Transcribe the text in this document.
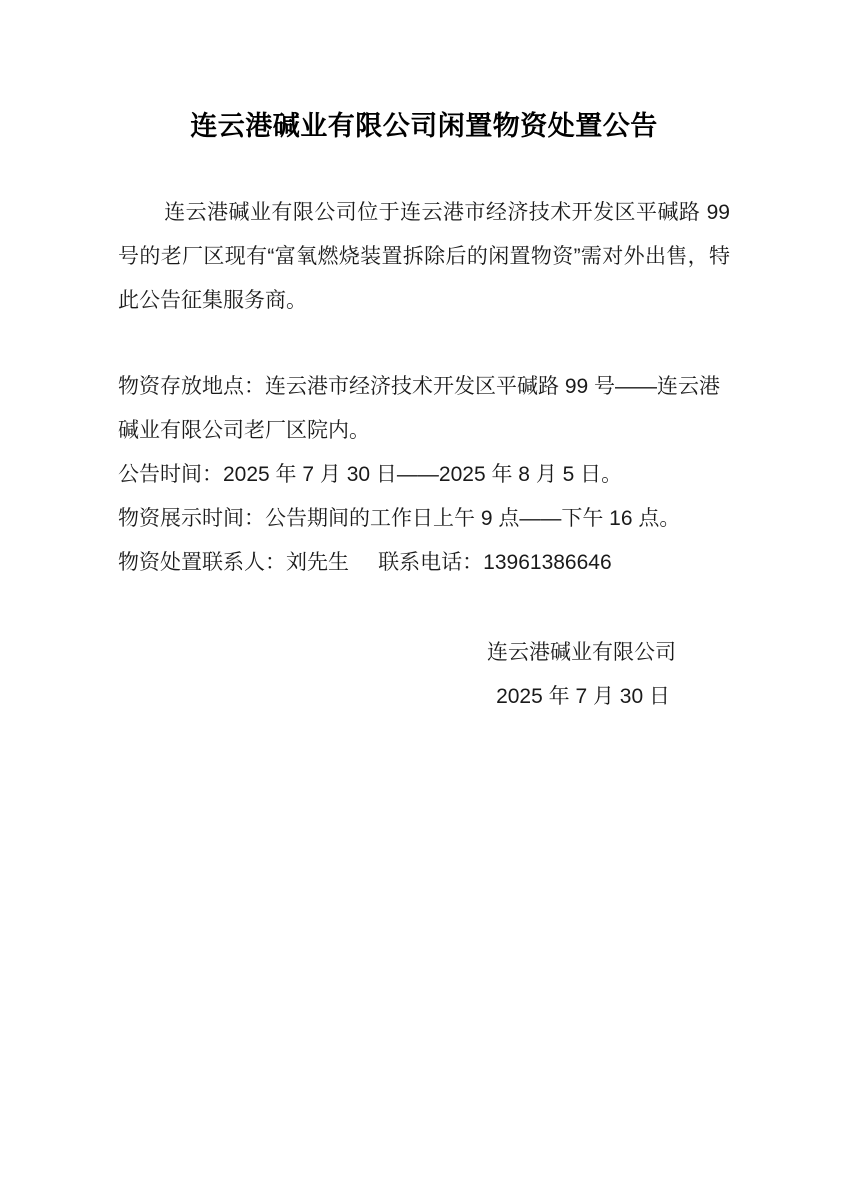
连云港碱业有限公司闲置物资处置公告

连云港碱业有限公司位于连云港市经济技术开发区平碱路 99 号的老厂区现有“富氧燃烧装置拆除后的闲置物资”需对外出售，特此公告征集服务商。

物资存放地点：连云港市经济技术开发区平碱路 99 号——连云港碱业有限公司老厂区院内。

公告时间：2025 年 7 月 30 日——2025 年 8 月 5 日。

物资展示时间：公告期间的工作日上午 9 点——下午 16 点。

物资处置联系人：刘先生     联系电话：13961386646

连云港碱业有限公司

2025 年 7 月 30 日
